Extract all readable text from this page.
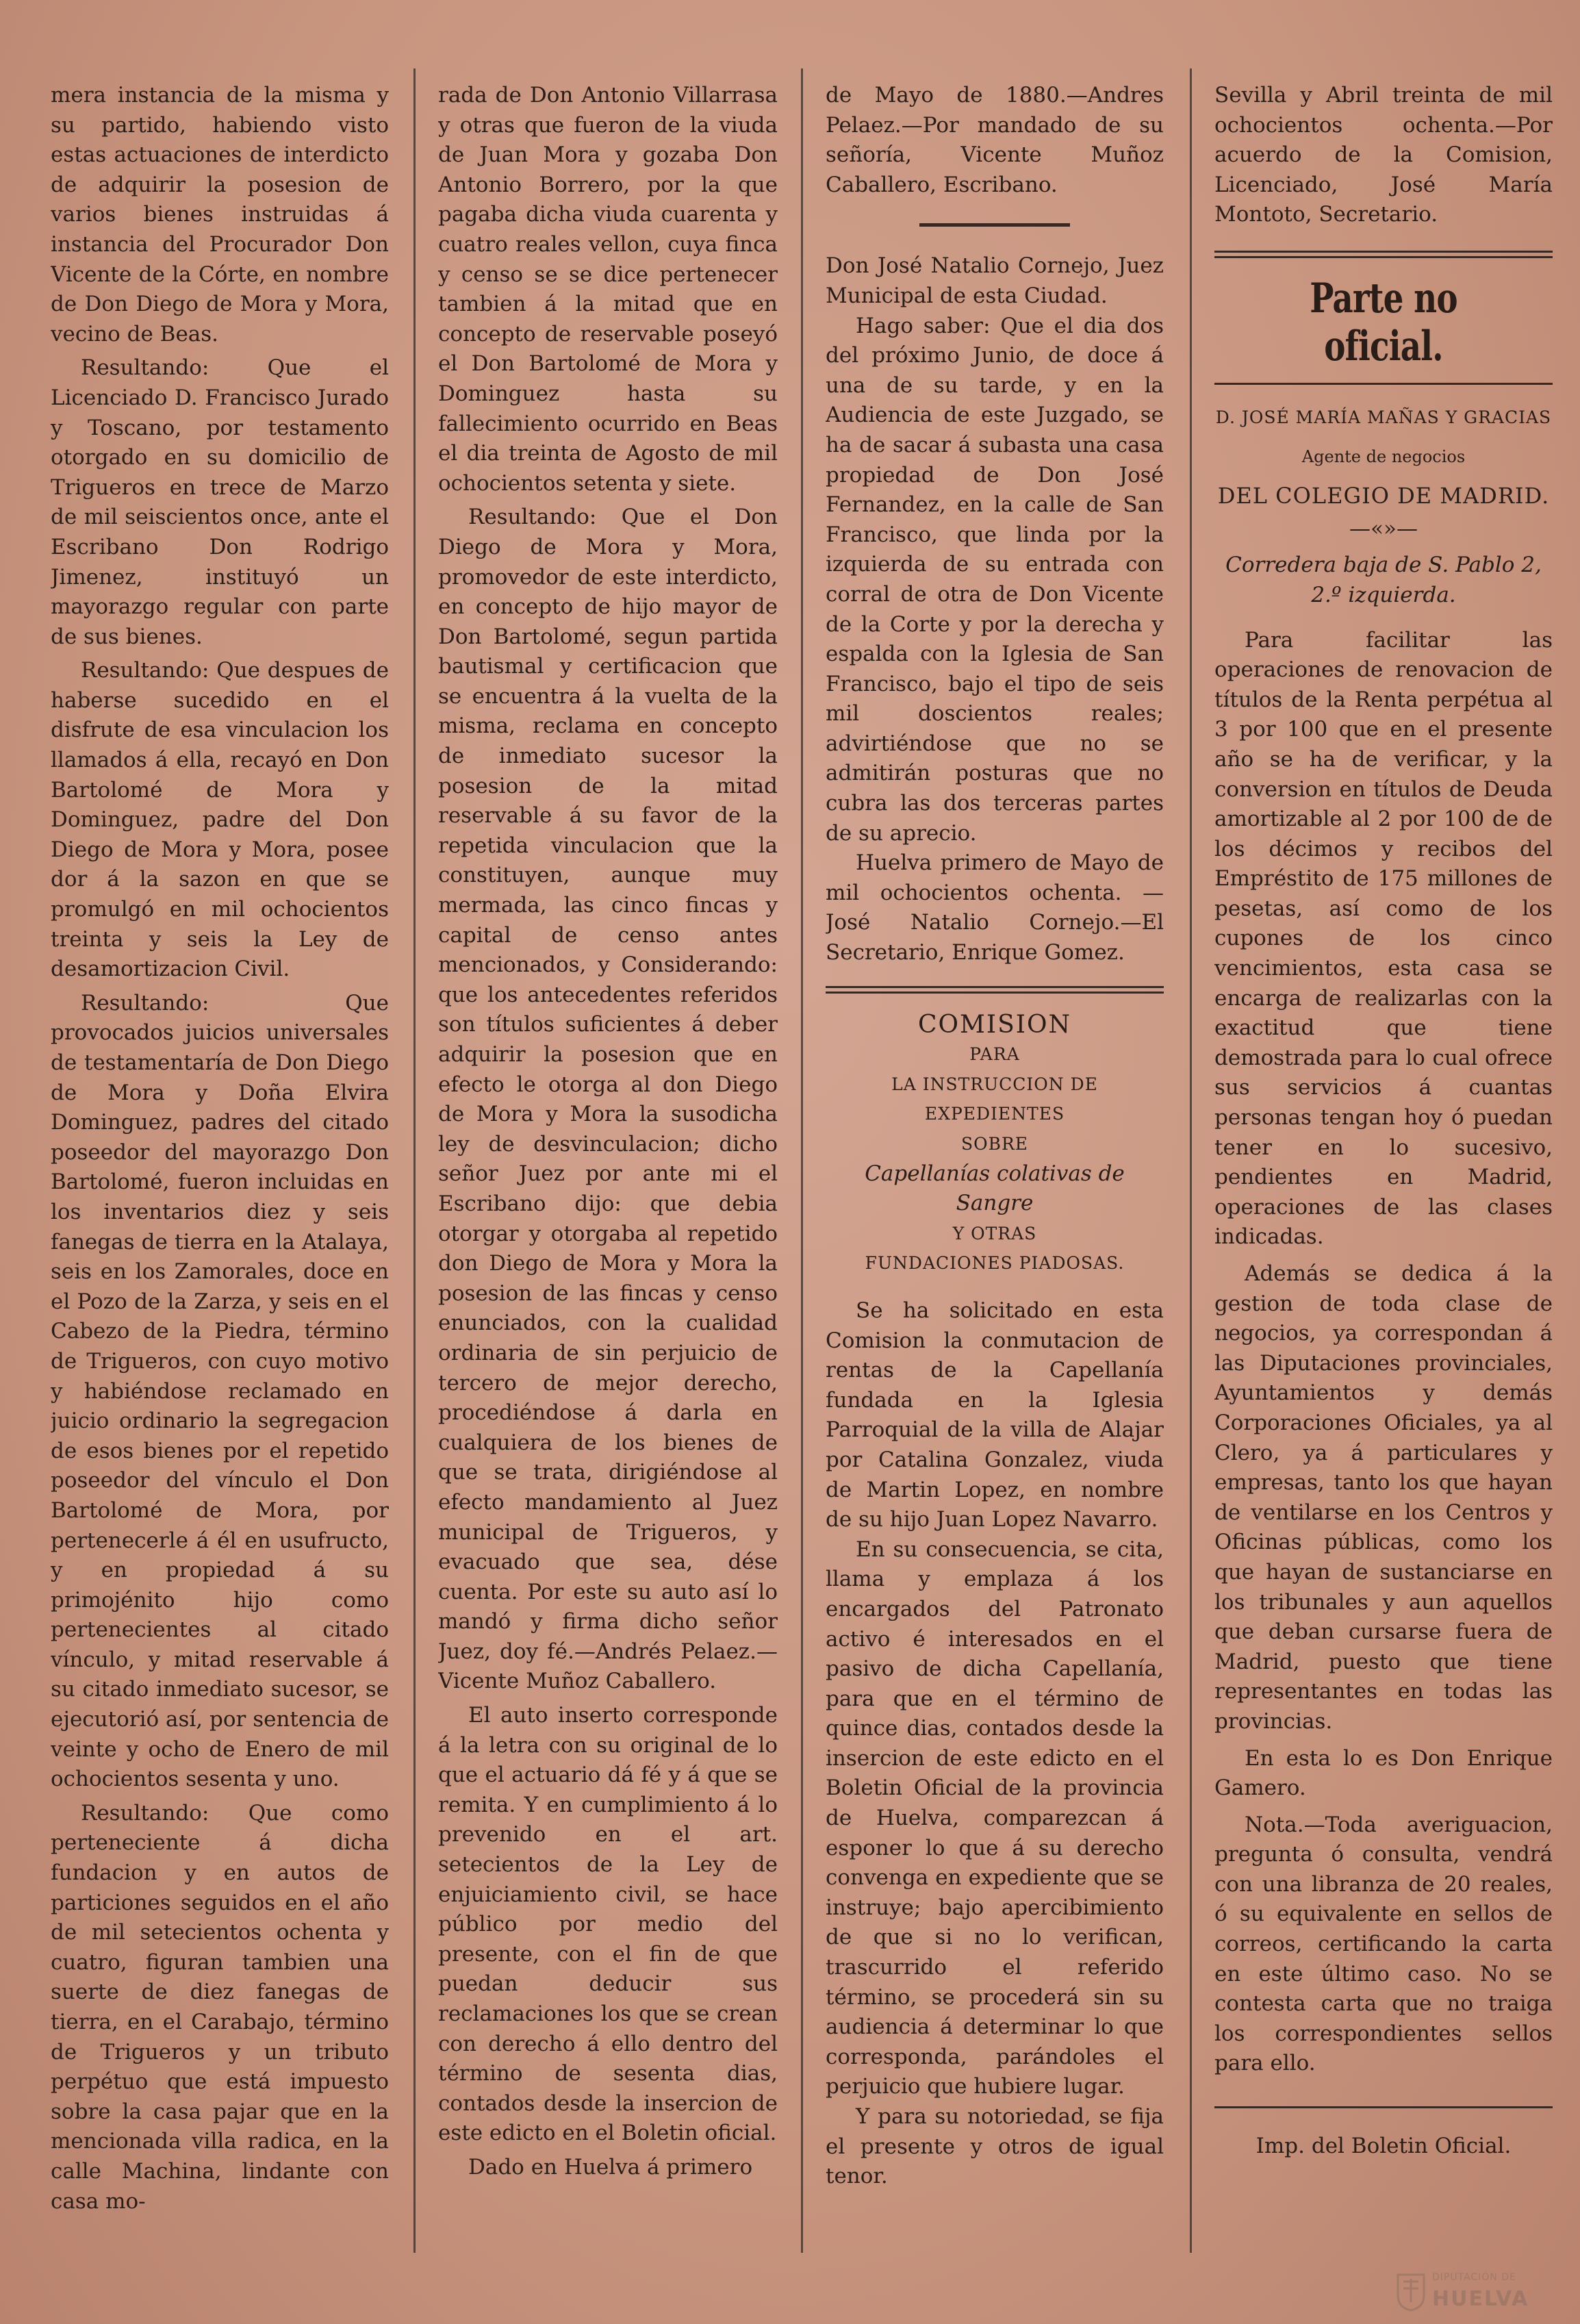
mera instancia de la misma y su partido, habiendo visto estas actuaciones de interdicto de adquirir la posesion de varios bienes instruidas á instancia del Procurador Don Vicente de la Córte, en nombre de Don Diego de Mora y Mora, vecino de Beas.

Resultando: Que el Licenciado D. Francisco Jurado y Toscano, por testamento otorgado en su domicilio de Trigueros en trece de Marzo de mil seiscientos once, ante el Escribano Don Rodrigo Jimenez, instituyó un mayorazgo regular con parte de sus bienes.

Resultando: Que despues de haberse sucedido en el disfrute de esa vinculacion los llamados á ella, recayó en Don Bartolomé de Mora y Dominguez, padre del Don Diego de Mora y Mora, posee dor á la sazon en que se promulgó en mil ochocientos treinta y seis la Ley de desamortizacion Civil.

Resultando: Que provocados juicios universales de testamentaría de Don Diego de Mora y Doña Elvira Dominguez, padres del citado poseedor del mayorazgo Don Bartolomé, fueron incluidas en los inventarios diez y seis fanegas de tierra en la Atalaya, seis en los Zamorales, doce en el Pozo de la Zarza, y seis en el Cabezo de la Piedra, término de Trigueros, con cuyo motivo y habiéndose reclamado en juicio ordinario la segregacion de esos bienes por el repetido poseedor del vínculo el Don Bartolomé de Mora, por pertenecerle á él en usufructo, y en propiedad á su primojénito hijo como pertenecientes al citado vínculo, y mitad reservable á su citado inmediato sucesor, se ejecutorió así, por sentencia de veinte y ocho de Enero de mil ochocientos sesenta y uno.

Resultando: Que como perteneciente á dicha fundacion y en autos de particiones seguidos en el año de mil setecientos ochenta y cuatro, figuran tambien una suerte de diez fanegas de tierra, en el Carabajo, término de Trigueros y un tributo perpétuo que está impuesto sobre la casa pajar que en la mencionada villa radica, en la calle Machina, lindante con casa mo-

rada de Don Antonio Villarrasa y otras que fueron de la viuda de Juan Mora y gozaba Don Antonio Borrero, por la que pagaba dicha viuda cuarenta y cuatro reales vellon, cuya finca y censo se se dice pertenecer tambien á la mitad que en concepto de reservable poseyó el Don Bartolomé de Mora y Dominguez hasta su fallecimiento ocurrido en Beas el dia treinta de Agosto de mil ochocientos setenta y siete.

Resultando: Que el Don Diego de Mora y Mora, promovedor de este interdicto, en concepto de hijo mayor de Don Bartolomé, segun partida bautismal y certificacion que se encuentra á la vuelta de la misma, reclama en concepto de inmediato sucesor la posesion de la mitad reservable á su favor de la repetida vinculacion que la constituyen, aunque muy mermada, las cinco fincas y capital de censo antes mencionados, y Considerando: que los antecedentes referidos son títulos suficientes á deber adquirir la posesion que en efecto le otorga al don Diego de Mora y Mora la susodicha ley de desvinculacion; dicho señor Juez por ante mi el Escribano dijo: que debia otorgar y otorgaba al repetido don Diego de Mora y Mora la posesion de las fincas y censo enunciados, con la cualidad ordinaria de sin perjuicio de tercero de mejor derecho, procediéndose á darla en cualquiera de los bienes de que se trata, dirigiéndose al efecto mandamiento al Juez municipal de Trigueros, y evacuado que sea, dése cuenta. Por este su auto así lo mandó y firma dicho señor Juez, doy fé.—Andrés Pelaez.—Vicente Muñoz Caballero.

El auto inserto corresponde á la letra con su original de lo que el actuario dá fé y á que se remita. Y en cumplimiento á lo prevenido en el art. setecientos de la Ley de enjuiciamiento civil, se hace público por medio del presente, con el fin de que puedan deducir sus reclamaciones los que se crean con derecho á ello dentro del término de sesenta dias, contados desde la insercion de este edicto en el Boletin oficial.

Dado en Huelva á primero

de Mayo de 1880.—Andres Pelaez.—Por mandado de su señoría, Vicente Muñoz Caballero, Escribano.

Don José Natalio Cornejo, Juez Municipal de esta Ciudad.

Hago saber: Que el dia dos del próximo Junio, de doce á una de su tarde, y en la Audiencia de este Juzgado, se ha de sacar á subasta una casa propiedad de Don José Fernandez, en la calle de San Francisco, que linda por la izquierda de su entrada con corral de otra de Don Vicente de la Corte y por la derecha y espalda con la Iglesia de San Francisco, bajo el tipo de seis mil doscientos reales; advirtiéndose que no se admitirán posturas que no cubra las dos terceras partes de su aprecio.

Huelva primero de Mayo de mil ochocientos ochenta. —José Natalio Cornejo.—El Secretario, Enrique Gomez.

COMISION

PARA

LA INSTRUCCION DE EXPEDIENTES

SOBRE

Capellanías colativas de Sangre

Y OTRAS

FUNDACIONES PIADOSAS.

Se ha solicitado en esta Comision la conmutacion de rentas de la Capellanía fundada en la Iglesia Parroquial de la villa de Alajar por Catalina Gonzalez, viuda de Martin Lopez, en nombre de su hijo Juan Lopez Navarro.

En su consecuencia, se cita, llama y emplaza á los encargados del Patronato activo é interesados en el pasivo de dicha Capellanía, para que en el término de quince dias, contados desde la insercion de este edicto en el Boletin Oficial de la provincia de Huelva, comparezcan á esponer lo que á su derecho convenga en expediente que se instruye; bajo apercibimiento de que si no lo verifican, trascurrido el referido término, se procederá sin su audiencia á determinar lo que corresponda, parándoles el perjuicio que hubiere lugar.

Y para su notoriedad, se fija el presente y otros de igual tenor.

Sevilla y Abril treinta de mil ochocientos ochenta.—Por acuerdo de la Comision, Licenciado, José María Montoto, Secretario.

Parte no oficial.

D. JOSÉ MARÍA MAÑAS Y GRACIAS

Agente de negocios

DEL COLEGIO DE MADRID.

—«»—

Corredera baja de S. Pablo 2,

2.º izquierda.

Para facilitar las operaciones de renovacion de títulos de la Renta perpétua al 3 por 100 que en el presente año se ha de verificar, y la conversion en títulos de Deuda amortizable al 2 por 100 de de los décimos y recibos del Empréstito de 175 millones de pesetas, así como de los cupones de los cinco vencimientos, esta casa se encarga de realizarlas con la exactitud que tiene demostrada para lo cual ofrece sus servicios á cuantas personas tengan hoy ó puedan tener en lo sucesivo, pendientes en Madrid, operaciones de las clases indicadas.

Además se dedica á la gestion de toda clase de negocios, ya correspondan á las Diputaciones provinciales, Ayuntamientos y demás Corporaciones Oficiales, ya al Clero, ya á particulares y empresas, tanto los que hayan de ventilarse en los Centros y Oficinas públicas, como los que hayan de sustanciarse en los tribunales y aun aquellos que deban cursarse fuera de Madrid, puesto que tiene representantes en todas las provincias.

En esta lo es Don Enrique Gamero.

Nota.—Toda averiguacion, pregunta ó consulta, vendrá con una libranza de 20 reales, ó su equivalente en sellos de correos, certificando la carta en este último caso. No se contesta carta que no traiga los correspondientes sellos para ello.

Imp. del Boletin Oficial.

DIPUTACIÓN DE
HUELVA
